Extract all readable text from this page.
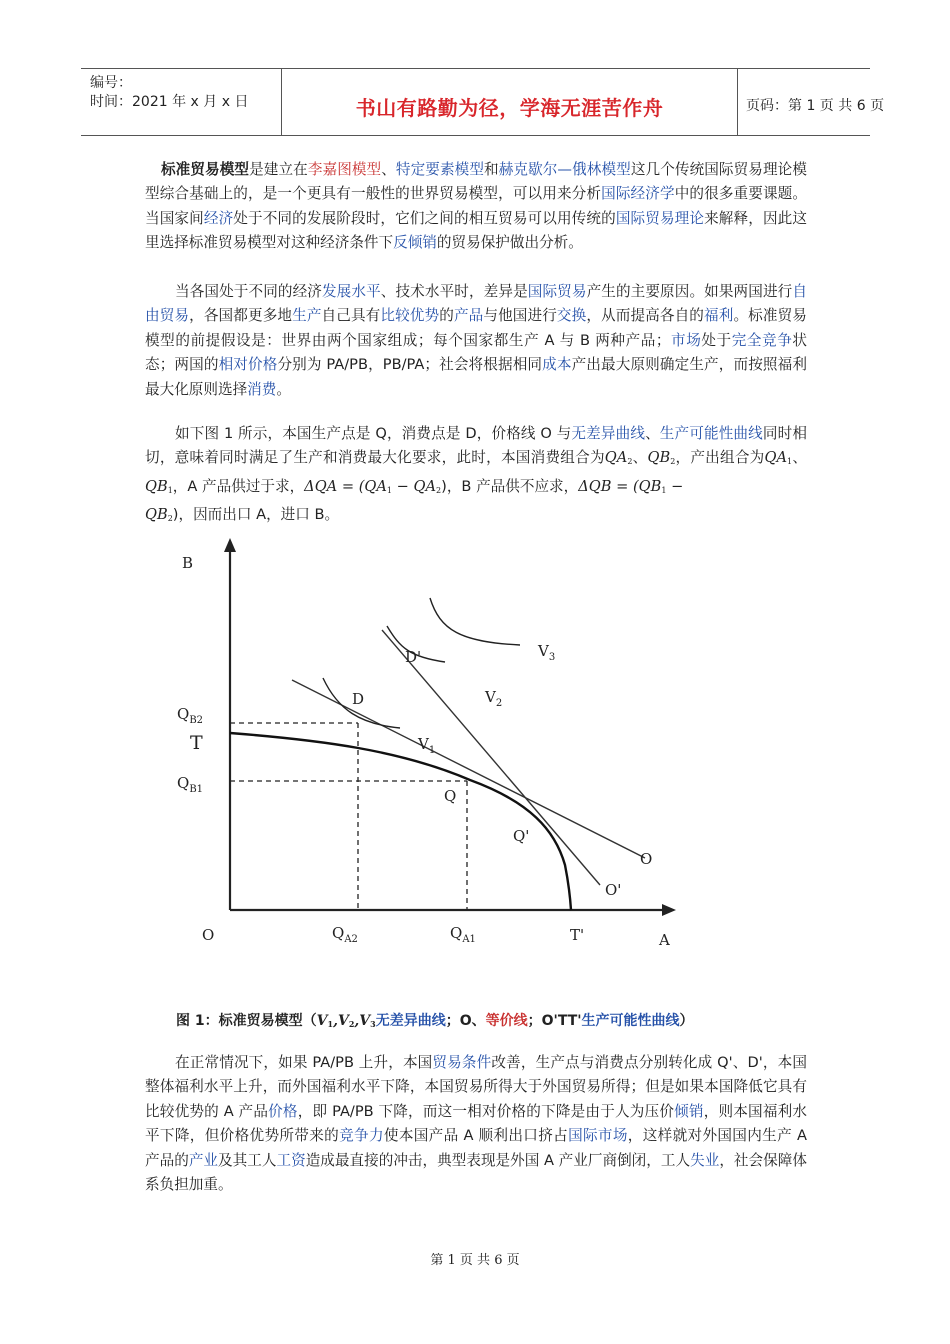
编号：
时间：2021 年 x 月 x 日	书山有路勤为径，学海无涯苦作舟	页码：第 1 页 共 6 页

标准贸易模型是建立在李嘉图模型、特定要素模型和赫克歇尔—俄林模型这几个传统国际贸易理论模型综合基础上的，是一个更具有一般性的世界贸易模型，可以用来分析国际经济学中的很多重要课题。当国家间经济处于不同的发展阶段时，它们之间的相互贸易可以用传统的国际贸易理论来解释，因此这里选择标准贸易模型对这种经济条件下反倾销的贸易保护做出分析。

当各国处于不同的经济发展水平、技术水平时，差异是国际贸易产生的主要原因。如果两国进行自由贸易，各国都更多地生产自己具有比较优势的产品与他国进行交换，从而提高各自的福利。标准贸易模型的前提假设是：世界由两个国家组成；每个国家都生产 A 与 B 两种产品；市场处于完全竞争状态；两国的相对价格分别为 PA/PB，PB/PA；社会将根据相同成本产出最大原则确定生产，而按照福利最大化原则选择消费。

如下图 1 所示，本国生产点是 Q，消费点是 D，价格线 O 与无差异曲线、生产可能性曲线同时相切，意味着同时满足了生产和消费最大化要求，此时，本国消费组合为$QA_2$、$QB_2$，产出组合为$QA_1$、$QB_1$，A 产品供过于求，$\Delta QA = (QA_1 - QA_2)$，B 产品供不应求，$\Delta QB = (QB_1$ −
$QB_2$)，因而出口 A，进口 B。

B
A
O
$Q_{B2}$
T
$Q_{B1}$
$Q_{A2}$	$Q_{A1}$	T'
D
D'
Q
Q'
O
O'
$V_1$
$V_2$
$V_3$
图 1：标准贸易模型（$V_1,V_2,V_3$无差异曲线；O、等价线；O'TT'生产可能性曲线）

在正常情况下，如果 PA/PB 上升，本国贸易条件改善，生产点与消费点分别转化成 Q'、D'，本国整体福利水平上升，而外国福利水平下降，本国贸易所得大于外国贸易所得；但是如果本国降低它具有比较优势的 A 产品价格，即 PA/PB 下降，而这一相对价格的下降是由于人为压价倾销，则本国福利水平下降，但价格优势所带来的竞争力使本国产品 A 顺利出口挤占国际市场，这样就对外国国内生产 A 产品的产业及其工人工资造成最直接的冲击，典型表现是外国 A 产业厂商倒闭，工人失业，社会保障体系负担加重。

第 1 页 共 6 页
